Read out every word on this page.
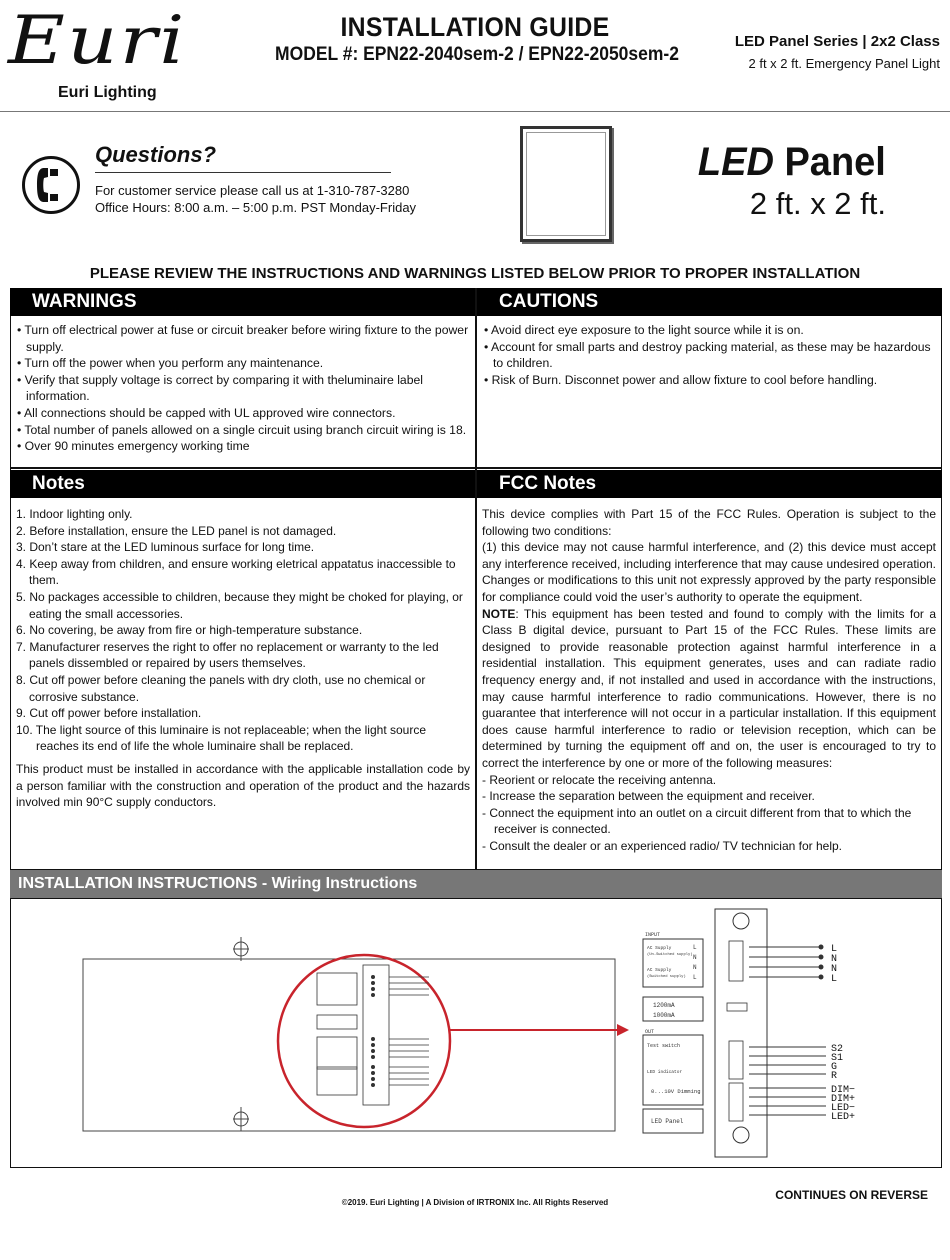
Euri
Euri Lighting
INSTALLATION GUIDE
MODEL #: EPN22-2040sem-2 / EPN22-2050sem-2
LED Panel Series | 2x2 Class
2 ft x 2 ft. Emergency Panel Light
Questions?
For customer service please call us at 1-310-787-3280
Office Hours: 8:00 a.m. – 5:00 p.m. PST Monday-Friday
LED Panel
2 ft. x 2 ft.
PLEASE REVIEW THE INSTRUCTIONS AND WARNINGS LISTED BELOW PRIOR TO PROPER INSTALLATION
WARNINGS	CAUTIONS
• Turn off electrical power at fuse or circuit breaker before wiring fixture to the power supply.
• Turn off the power when you perform any maintenance.
• Verify that supply voltage is correct by comparing it with theluminaire label information.
• All connections should be capped with UL approved wire connectors.
• Total number of panels allowed on a single circuit using branch circuit wiring is 18.
• Over 90 minutes emergency working time
• Avoid direct eye exposure to the light source while it is on.
• Account for small parts and destroy packing material, as these may be hazardous to children.
• Risk of Burn. Disconnet power and allow fixture to cool before handling.
Notes	FCC Notes
1. Indoor lighting only.
2. Before installation, ensure the LED panel is not damaged.
3. Don’t stare at the LED luminous surface for long time.
4. Keep away from children, and ensure working eletrical appatatus inaccessible to them.
5. No packages accessible to children, because they might be choked for playing, or eating the small accessories.
6. No covering, be away from fire or high-temperature substance.
7. Manufacturer reserves the right to offer no replacement or warranty to the led panels dissembled or repaired by users themselves.
8. Cut off power before cleaning the panels with dry cloth, use no chemical or corrosive substance.
9. Cut off power before installation.
10. The light source of this luminaire is not replaceable; when the light source reaches its end of life the whole luminaire shall be replaced.

This product must be installed in accordance with the applicable installation code by a person familiar with the construction and operation of the product and the hazards involved min 90°C supply conductors.

This device complies with Part 15 of the FCC Rules. Operation is subject to the following two conditions:

(1) this device may not cause harmful interference, and (2) this device must accept any interference received, including interference that may cause undesired operation. Changes or modifications to this unit not expressly approved by the party responsible for compliance could void the user’s authority to operate the equipment.

NOTE: This equipment has been tested and found to comply with the limits for a Class B digital device, pursuant to Part 15 of the FCC Rules. These limits are designed to provide reasonable protection against harmful interference in a residential installation. This equipment generates, uses and can radiate radio frequency energy and, if not installed and used in accordance with the instructions, may cause harmful interference to radio communications. However, there is no guarantee that interference will not occur in a particular installation. If this equipment does cause harmful interference to radio or television reception, which can be determined by turning the equipment off and on, the user is encouraged to try to correct the interference by one or more of the following measures:

- Reorient or relocate the receiving antenna.
- Increase the separation between the equipment and receiver.
- Connect the equipment into an outlet on a circuit different from that to which the receiver is connected.
- Consult the dealer or an experienced radio/ TV technician for help.
INSTALLATION INSTRUCTIONS - Wiring Instructions
INPUT
AC Supply
(Un-Switched supply)
AC Supply
(Switched supply)
L
N
N
L
1200mA
1000mA
OUT
Test switch
LED indicator
0...10V Dimming
LED Panel
L
N
N
L
S2
S1
G
R
DIM−
DIM+
LED−
LED+
CONTINUES ON REVERSE
©2019. Euri Lighting | A Division of IRTRONIX Inc. All Rights Reserved
